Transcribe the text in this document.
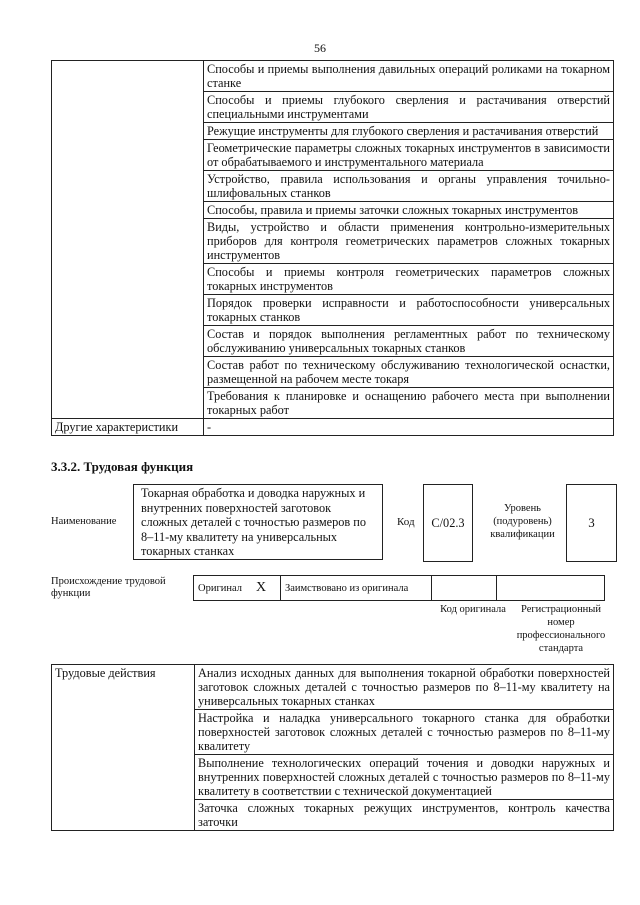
56
	Способы и приемы выполнения давильных операций роликами на токарном станке
	Способы и приемы глубокого сверления и растачивания отверстий специальными инструментами
	Режущие инструменты для глубокого сверления и растачивания отверстий
	Геометрические параметры сложных токарных инструментов в зависимости от обрабатываемого и инструментального материала
	Устройство, правила использования и органы управления точильно-шлифовальных станков
	Способы, правила и приемы заточки сложных токарных инструментов
	Виды, устройство и области применения контрольно-измерительных приборов для контроля геометрических параметров сложных токарных инструментов
	Способы и приемы контроля геометрических параметров сложных токарных инструментов
	Порядок проверки исправности и работоспособности универсальных токарных станков
	Состав и порядок выполнения регламентных работ по техническому обслуживанию универсальных токарных станков
	Состав работ по техническому обслуживанию технологической оснастки, размещенной на рабочем месте токаря
	Требования к планировке и оснащению рабочего места при выполнении токарных работ
Другие характеристики	-
3.3.2. Трудовая функция
Наименование
Токарная обработка и доводка наружных и внутренних поверхностей заготовок сложных деталей с точностью размеров по 8–11-му квалитету на универсальных токарных станках
Код С/02.3
Уровень (подуровень) квалификации
3
Происхождение трудовой функции	Оригинал	X	Заимствовано из оригинала		
Код оригинала	Регистрационный номер профессионального стандарта
Трудовые действия	Анализ исходных данных для выполнения токарной обработки поверхностей заготовок сложных деталей с точностью размеров по 8–11-му квалитету на универсальных токарных станках
Настройка и наладка универсального токарного станка для обработки поверхностей заготовок сложных деталей с точностью размеров по 8–11-му квалитету
Выполнение технологических операций точения и доводки наружных и внутренних поверхностей сложных деталей с точностью размеров по 8–11-му квалитету в соответствии с технической документацией
Заточка сложных токарных режущих инструментов, контроль качества заточки
